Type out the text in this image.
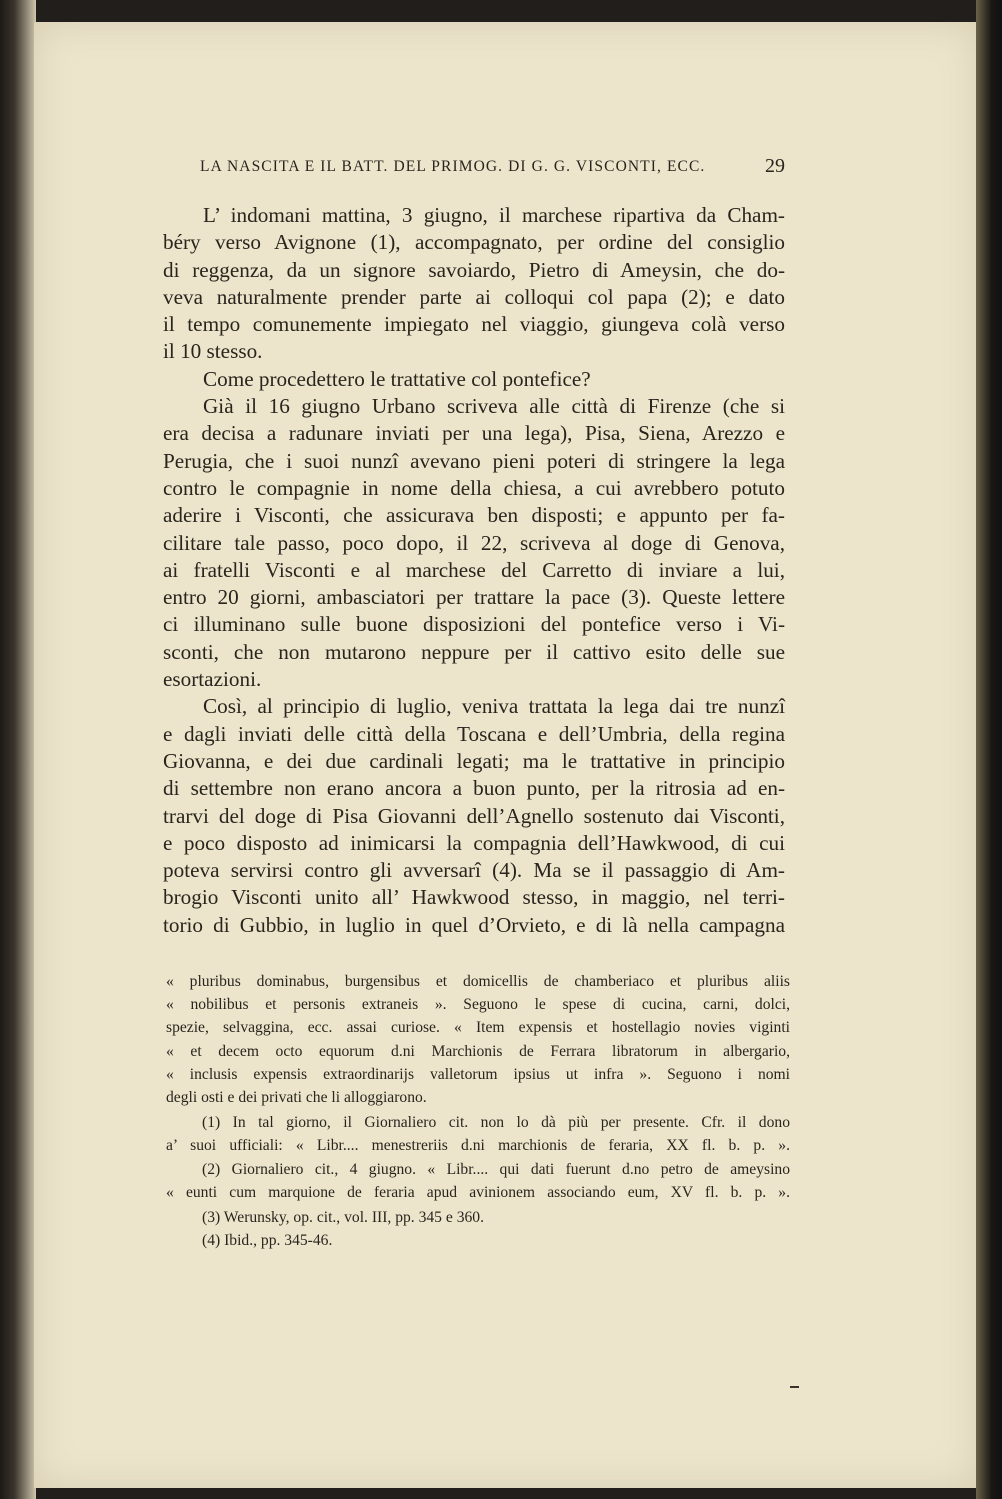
LA NASCITA E IL BATT. DEL PRIMOG. DI G. G. VISCONTI, ECC.	29
L’ indomani mattina, 3 giugno, il marchese ripartiva da Cham-
béry verso Avignone (1), accompagnato, per ordine del consiglio
di reggenza, da un signore savoiardo, Pietro di Ameysin, che do-
veva naturalmente prender parte ai colloqui col papa (2); e dato
il tempo comunemente impiegato nel viaggio, giungeva colà verso
il 10 stesso.
Come procedettero le trattative col pontefice?
Già il 16 giugno Urbano scriveva alle città di Firenze (che si
era decisa a radunare inviati per una lega), Pisa, Siena, Arezzo e
Perugia, che i suoi nunzî avevano pieni poteri di stringere la lega
contro le compagnie in nome della chiesa, a cui avrebbero potuto
aderire i Visconti, che assicurava ben disposti; e appunto per fa-
cilitare tale passo, poco dopo, il 22, scriveva al doge di Genova,
ai fratelli Visconti e al marchese del Carretto di inviare a lui,
entro 20 giorni, ambasciatori per trattare la pace (3). Queste lettere
ci illuminano sulle buone disposizioni del pontefice verso i Vi-
sconti, che non mutarono neppure per il cattivo esito delle sue
esortazioni.
Così, al principio di luglio, veniva trattata la lega dai tre nunzî
e dagli inviati delle città della Toscana e dell’Umbria, della regina
Giovanna, e dei due cardinali legati; ma le trattative in principio
di settembre non erano ancora a buon punto, per la ritrosia ad en-
trarvi del doge di Pisa Giovanni dell’Agnello sostenuto dai Visconti,
e poco disposto ad inimicarsi la compagnia dell’Hawkwood, di cui
poteva servirsi contro gli avversarî (4). Ma se il passaggio di Am-
brogio Visconti unito all’ Hawkwood stesso, in maggio, nel terri-
torio di Gubbio, in luglio in quel d’Orvieto, e di là nella campagna
« pluribus dominabus, burgensibus et domicellis de chamberiaco et pluribus aliis
« nobilibus et personis extraneis ». Seguono le spese di cucina, carni, dolci,
spezie, selvaggina, ecc. assai curiose. « Item expensis et hostellagio novies viginti
« et decem octo equorum d.ni Marchionis de Ferrara libratorum in albergario,
« inclusis expensis extraordinarijs valletorum ipsius ut infra ». Seguono i nomi
degli osti e dei privati che li alloggiarono.
(1) In tal giorno, il Giornaliero cit. non lo dà più per presente. Cfr. il dono
a’ suoi ufficiali: « Libr.... menestreriis d.ni marchionis de feraria, XX fl. b. p. ».
(2) Giornaliero cit., 4 giugno. « Libr.... qui dati fuerunt d.no petro de ameysino
« eunti cum marquione de feraria apud avinionem associando eum, XV fl. b. p. ».
(3) Werunsky, op. cit., vol. III, pp. 345 e 360.
(4) Ibid., pp. 345-46.
